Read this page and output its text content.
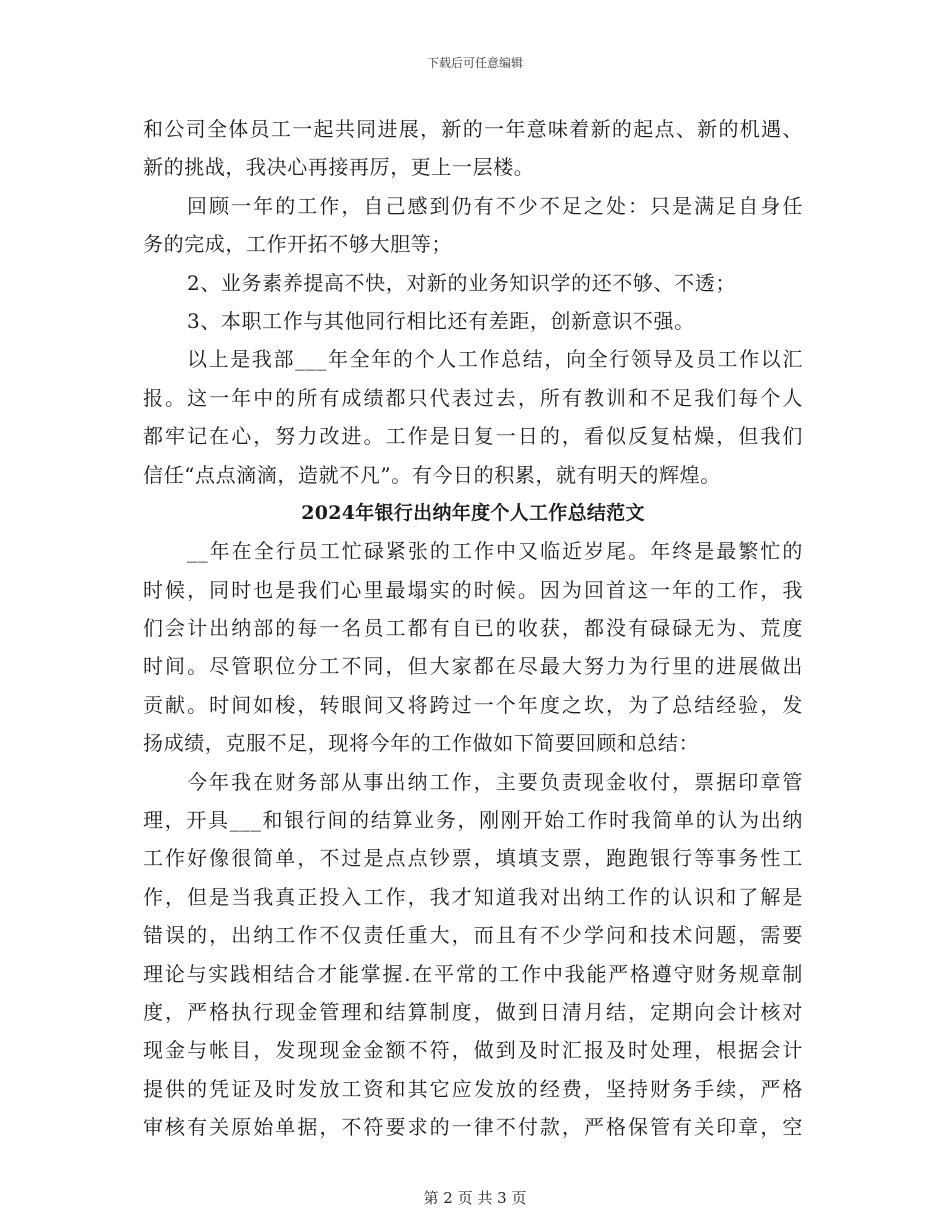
下载后可任意编辑
和公司全体员工一起共同进展，新的一年意味着新的起点、新的机遇、
新的挑战，我决心再接再厉，更上一层楼。
回顾一年的工作，自己感到仍有不少不足之处：只是满足自身任
务的完成，工作开拓不够大胆等；
2、业务素养提高不快，对新的业务知识学的还不够、不透；
3、本职工作与其他同行相比还有差距，创新意识不强。
以上是我部___年全年的个人工作总结，向全行领导及员工作以汇
报。这一年中的所有成绩都只代表过去，所有教训和不足我们每个人
都牢记在心，努力改进。工作是日复一日的，看似反复枯燥，但我们
信任“点点滴滴，造就不凡”。有今日的积累，就有明天的辉煌。
2024年银行出纳年度个人工作总结范文
__年在全行员工忙碌紧张的工作中又临近岁尾。年终是最繁忙的
时候，同时也是我们心里最塌实的时候。因为回首这一年的工作，我
们会计出纳部的每一名员工都有自已的收获，都没有碌碌无为、荒度
时间。尽管职位分工不同，但大家都在尽最大努力为行里的进展做出
贡献。时间如梭，转眼间又将跨过一个年度之坎，为了总结经验，发
扬成绩，克服不足，现将今年的工作做如下简要回顾和总结：
今年我在财务部从事出纳工作，主要负责现金收付，票据印章管
理，开具___和银行间的结算业务，刚刚开始工作时我简单的认为出纳
工作好像很简单，不过是点点钞票，填填支票，跑跑银行等事务性工
作，但是当我真正投入工作，我才知道我对出纳工作的认识和了解是
错误的，出纳工作不仅责任重大，而且有不少学问和技术问题，需要
理论与实践相结合才能掌握.在平常的工作中我能严格遵守财务规章制
度，严格执行现金管理和结算制度，做到日清月结，定期向会计核对
现金与帐目，发现现金金额不符，做到及时汇报及时处理，根据会计
提供的凭证及时发放工资和其它应发放的经费，坚持财务手续，严格
审核有关原始单据，不符要求的一律不付款，严格保管有关印章，空
第 2 页 共 3 页
